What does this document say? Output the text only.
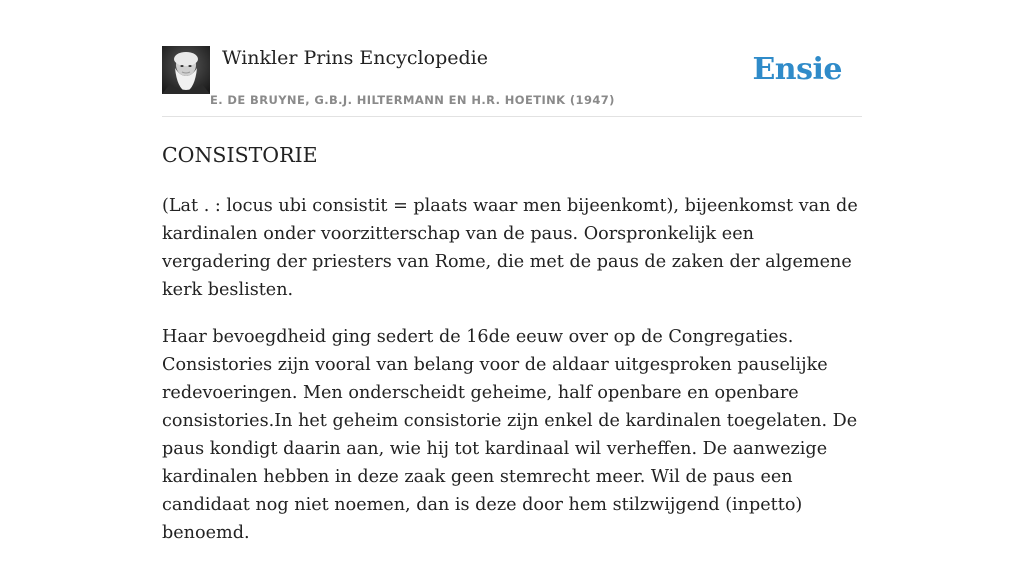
Winkler Prins Encyclopedie
E. DE BRUYNE, G.B.J. HILTERMANN EN H.R. HOETINK (1947)
Ensie
CONSISTORIE

(Lat . : locus ubi consistit = plaats waar men bijeenkomt), bijeenkomst van de kardinalen onder voorzitterschap van de paus. Oorspronkelijk een vergadering der priesters van Rome, die met de paus de zaken der algemene kerk beslisten.

Haar bevoegdheid ging sedert de 16de eeuw over op de Congregaties. Consistories zijn vooral van belang voor de aldaar uitgesproken pauselijke redevoeringen. Men onderscheidt geheime, half openbare en openbare consistories.In het geheim consistorie zijn enkel de kardinalen toegelaten. De paus kondigt daarin aan, wie hij tot kardinaal wil verheffen. De aanwezige kardinalen hebben in deze zaak geen stemrecht meer. Wil de paus een candidaat nog niet noemen, dan is deze door hem stilzwijgend (inpetto) benoemd.
